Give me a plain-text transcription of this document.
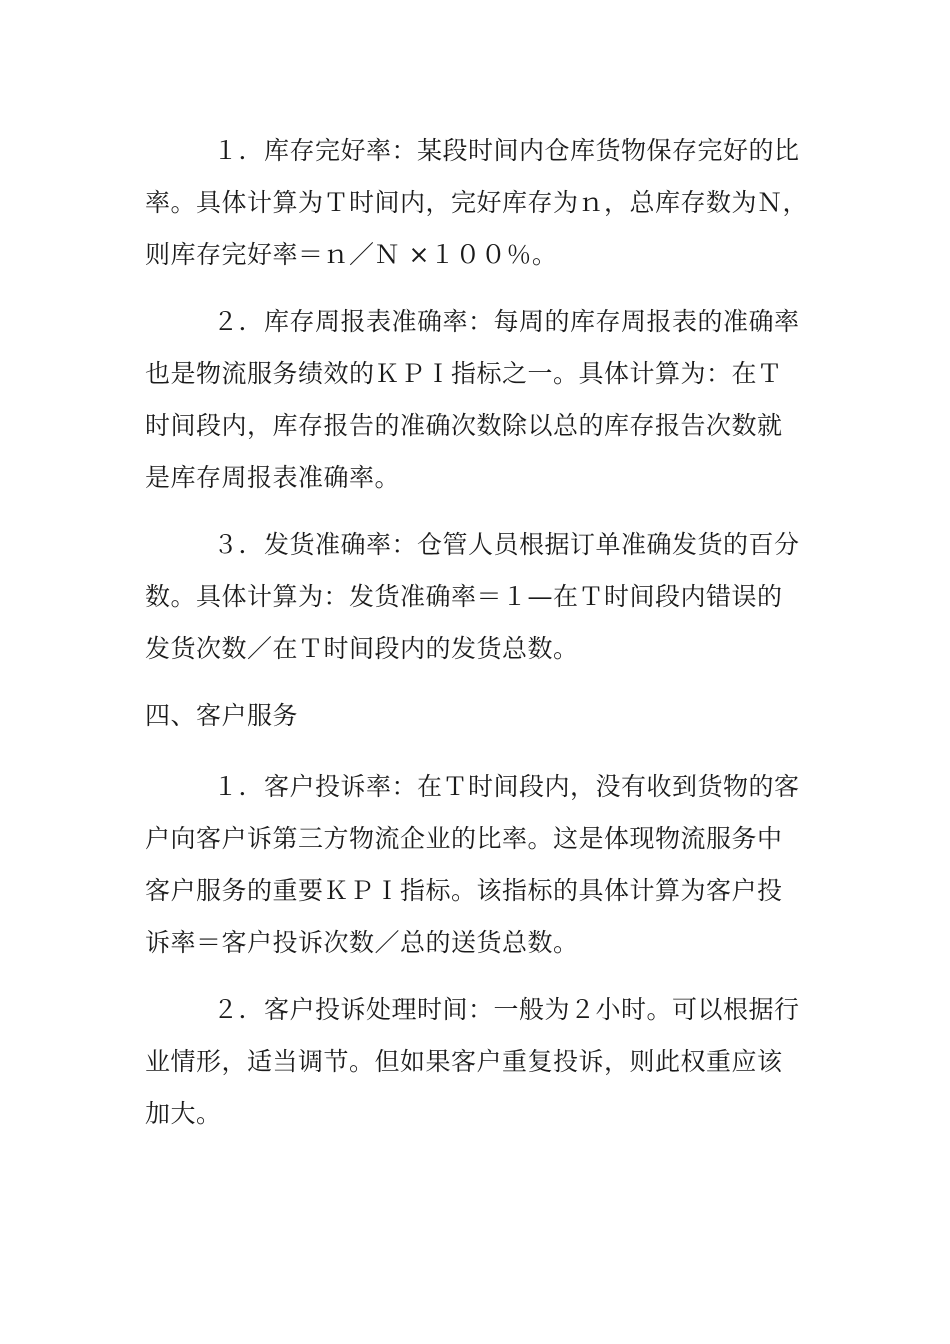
１．库存完好率：某段时间内仓库货物保存完好的比
率。具体计算为Ｔ时间内，完好库存为ｎ，总库存数为Ｎ，
则库存完好率＝ｎ／Ｎ ×１００％。

２．库存周报表准确率：每周的库存周报表的准确率
也是物流服务绩效的ＫＰＩ指标之一。具体计算为：在Ｔ
时间段内，库存报告的准确次数除以总的库存报告次数就
是库存周报表准确率。

３．发货准确率：仓管人员根据订单准确发货的百分
数。具体计算为：发货准确率＝１—在Ｔ时间段内错误的
发货次数／在Ｔ时间段内的发货总数。

四、客户服务

１．客户投诉率：在Ｔ时间段内，没有收到货物的客
户向客户诉第三方物流企业的比率。这是体现物流服务中
客户服务的重要ＫＰＩ指标。该指标的具体计算为客户投
诉率＝客户投诉次数／总的送货总数。

２．客户投诉处理时间：一般为２小时。可以根据行
业情形，适当调节。但如果客户重复投诉，则此权重应该
加大。
